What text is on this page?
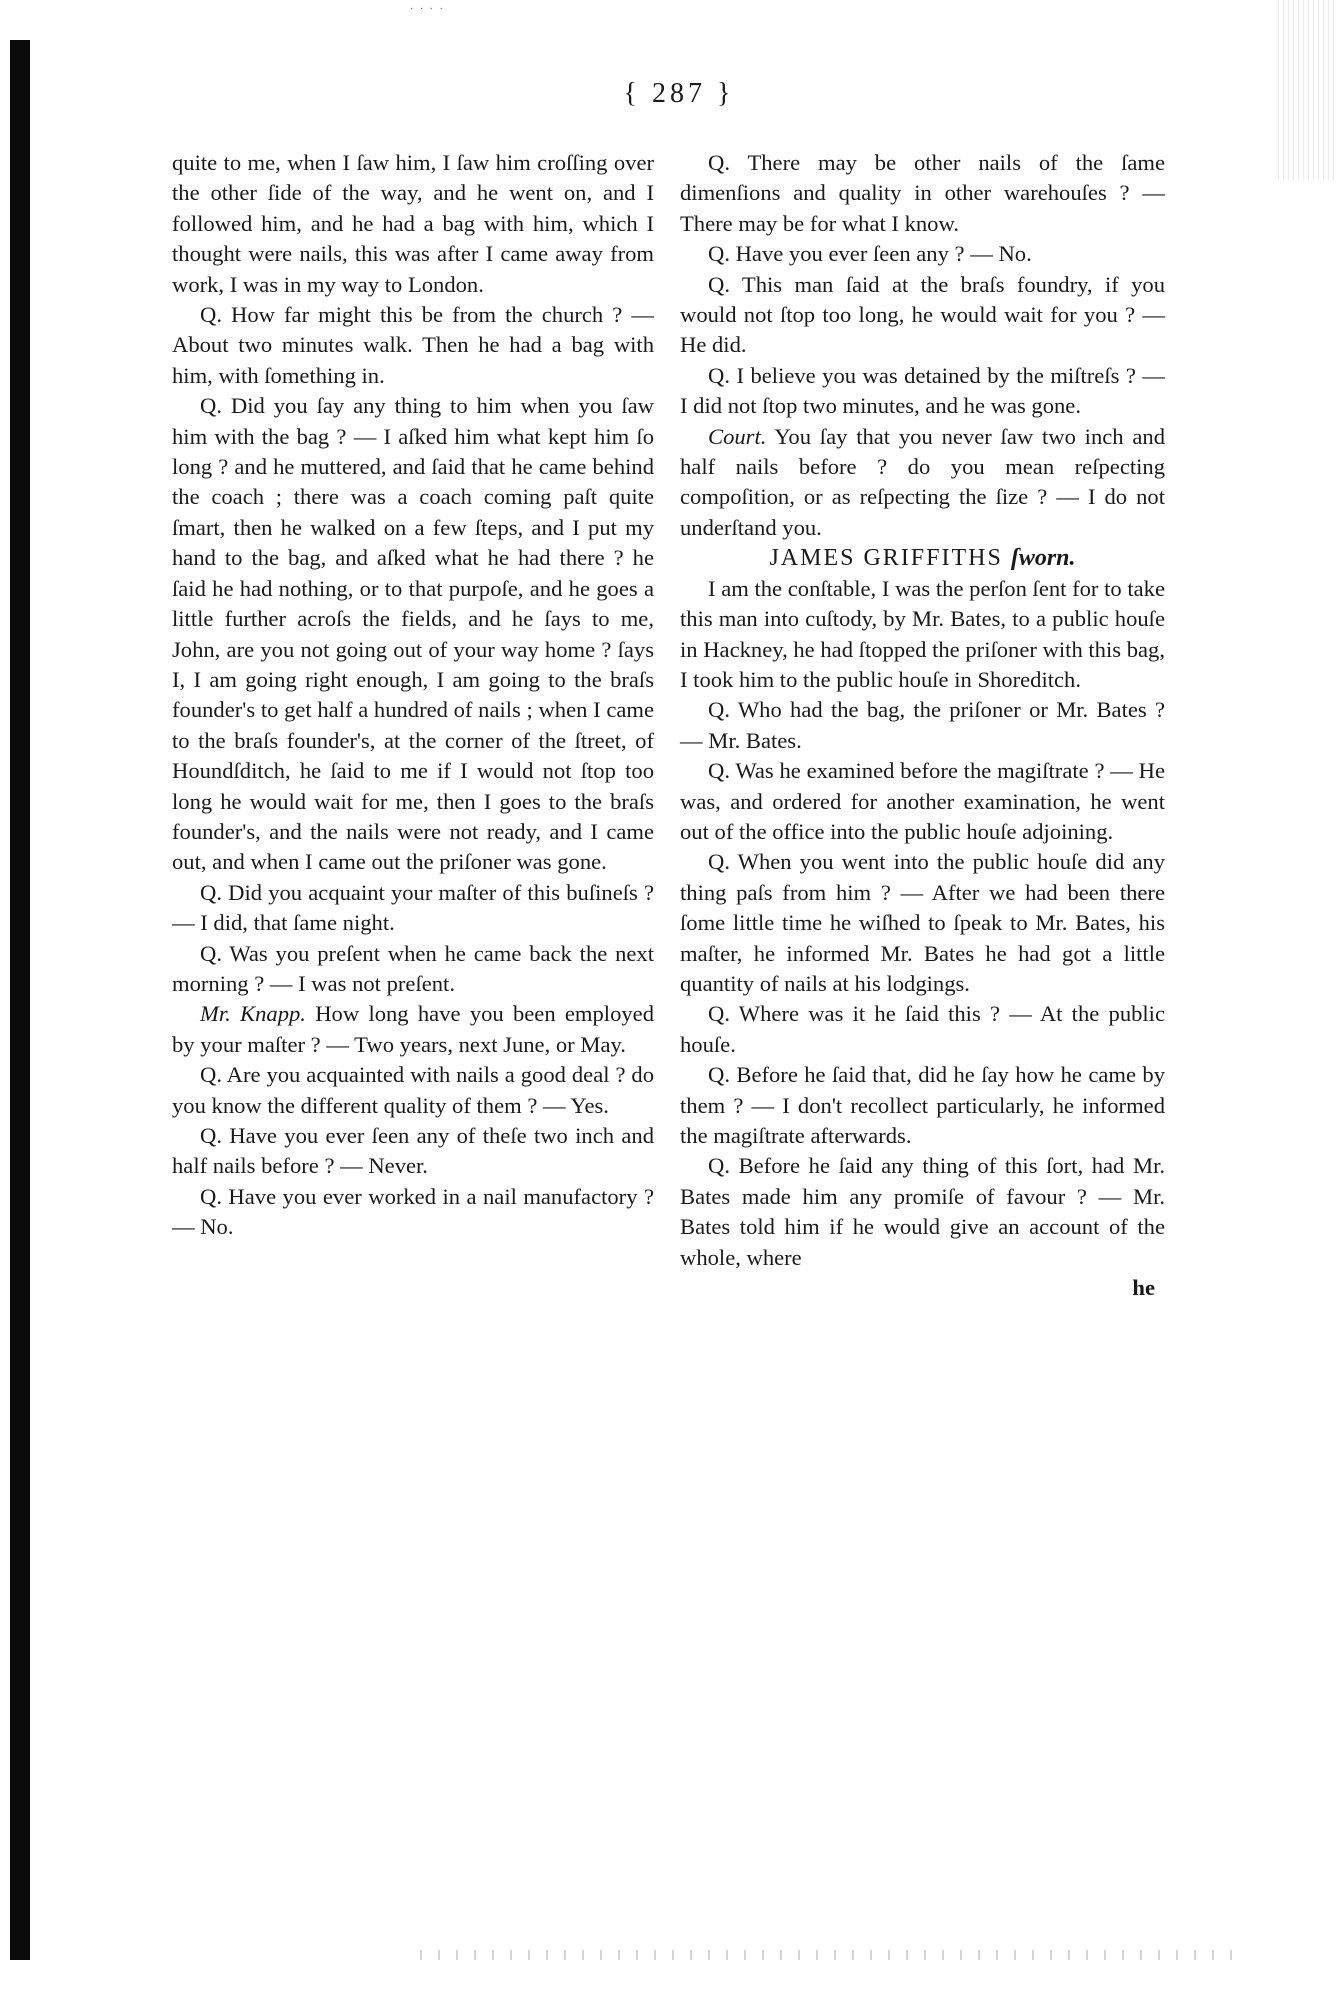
· · · ·
{ 287 }

quite to me, when I ſaw him, I ſaw him croſſing over the other ſide of the way, and he went on, and I followed him, and he had a bag with him, which I thought were nails, this was after I came away from work, I was in my way to London.

Q. How far might this be from the church ? — About two minutes walk. Then he had a bag with him, with ſomething in.

Q. Did you ſay any thing to him when you ſaw him with the bag ? — I aſked him what kept him ſo long ? and he muttered, and ſaid that he came behind the coach ; there was a coach coming paſt quite ſmart, then he walked on a few ſteps, and I put my hand to the bag, and aſked what he had there ? he ſaid he had nothing, or to that purpoſe, and he goes a little further acroſs the fields, and he ſays to me, John, are you not going out of your way home ? ſays I, I am going right enough, I am going to the braſs founder's to get half a hundred of nails ; when I came to the braſs founder's, at the corner of the ſtreet, of Houndſditch, he ſaid to me if I would not ſtop too long he would wait for me, then I goes to the braſs founder's, and the nails were not ready, and I came out, and when I came out the priſoner was gone.

Q. Did you acquaint your maſter of this buſineſs ? — I did, that ſame night.

Q. Was you preſent when he came back the next morning ? — I was not preſent.

Mr. Knapp. How long have you been employed by your maſter ? — Two years, next June, or May.

Q. Are you acquainted with nails a good deal ? do you know the different quality of them ? — Yes.

Q. Have you ever ſeen any of theſe two inch and half nails before ? — Never.

Q. Have you ever worked in a nail manufactory ? — No.

Q. There may be other nails of the ſame dimenſions and quality in other warehouſes ? — There may be for what I know.

Q. Have you ever ſeen any ? — No.

Q. This man ſaid at the braſs foundry, if you would not ſtop too long, he would wait for you ? — He did.

Q. I believe you was detained by the miſtreſs ? — I did not ſtop two minutes, and he was gone.

Court. You ſay that you never ſaw two inch and half nails before ? do you mean reſpecting compoſition, or as reſpecting the ſize ? — I do not underſtand you.

JAMES GRIFFITHS ſworn.

I am the conſtable, I was the perſon ſent for to take this man into cuſtody, by Mr. Bates, to a public houſe in Hackney, he had ſtopped the priſoner with this bag, I took him to the public houſe in Shoreditch.

Q. Who had the bag, the priſoner or Mr. Bates ? — Mr. Bates.

Q. Was he examined before the magiſtrate ? — He was, and ordered for another examination, he went out of the office into the public houſe adjoining.

Q. When you went into the public houſe did any thing paſs from him ? — After we had been there ſome little time he wiſhed to ſpeak to Mr. Bates, his maſter, he informed Mr. Bates he had got a little quantity of nails at his lodgings.

Q. Where was it he ſaid this ? — At the public houſe.

Q. Before he ſaid that, did he ſay how he came by them ? — I don't recollect particularly, he informed the magiſtrate afterwards.

Q. Before he ſaid any thing of this ſort, had Mr. Bates made him any promiſe of favour ? — Mr. Bates told him if he would give an account of the whole, where

he
